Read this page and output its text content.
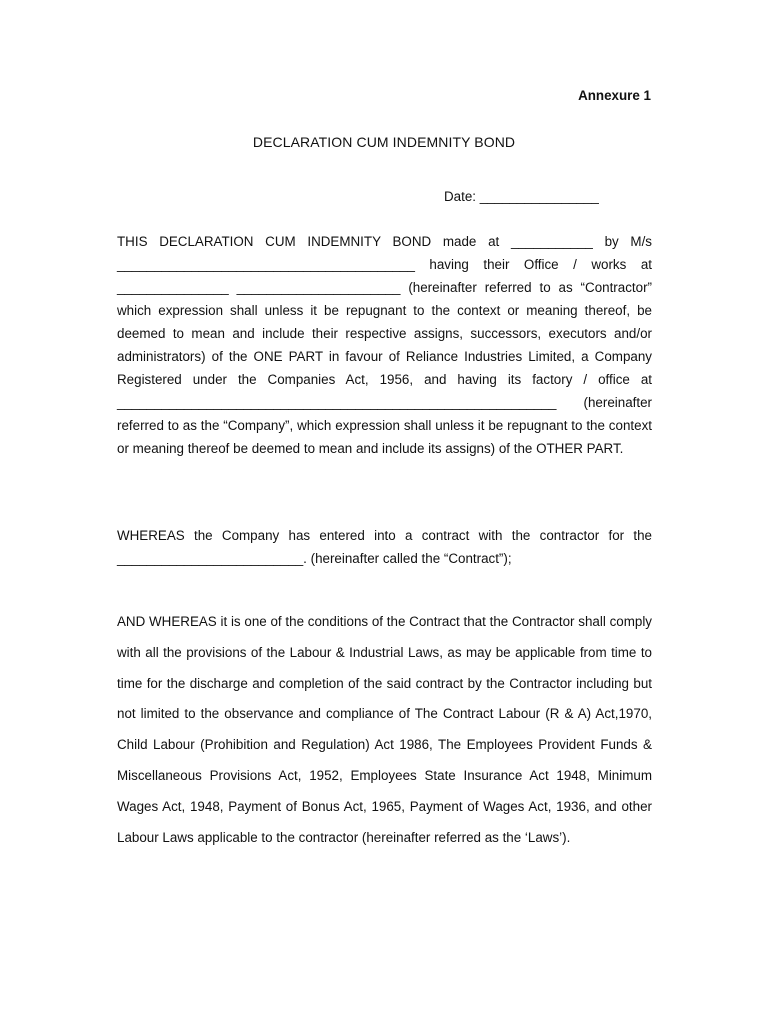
Annexure 1
DECLARATION CUM INDEMNITY BOND
Date: ________________

THIS DECLARATION CUM INDEMNITY BOND made at ___________ by M/s ________________________________________ having their Office / works at _______________ ______________________ (hereinafter referred to as “Contractor” which expression shall unless it be repugnant to the context or meaning thereof, be deemed to mean and include their respective assigns, successors, executors and/or administrators) of the ONE PART in favour of Reliance Industries Limited, a Company Registered under the Companies Act, 1956, and having its factory / office at ___________________________________________________________ (hereinafter referred to as the “Company”, which expression shall unless it be repugnant to the context or meaning thereof be deemed to mean and include its assigns) of the OTHER PART.

WHEREAS the Company has entered into a contract with the contractor for the _________________________. (hereinafter called the “Contract”);

AND WHEREAS it is one of the conditions of the Contract that the Contractor shall comply with all the provisions of the Labour & Industrial Laws, as may be applicable from time to time for the discharge and completion of the said contract by the Contractor including but not limited to the observance and compliance of The Contract Labour (R & A) Act,1970, Child Labour (Prohibition and Regulation) Act 1986, The Employees Provident Funds & Miscellaneous Provisions Act, 1952, Employees State Insurance Act 1948, Minimum Wages Act, 1948, Payment of Bonus Act, 1965, Payment of Wages Act, 1936, and other Labour Laws applicable to the contractor (hereinafter referred as the ‘Laws’).
